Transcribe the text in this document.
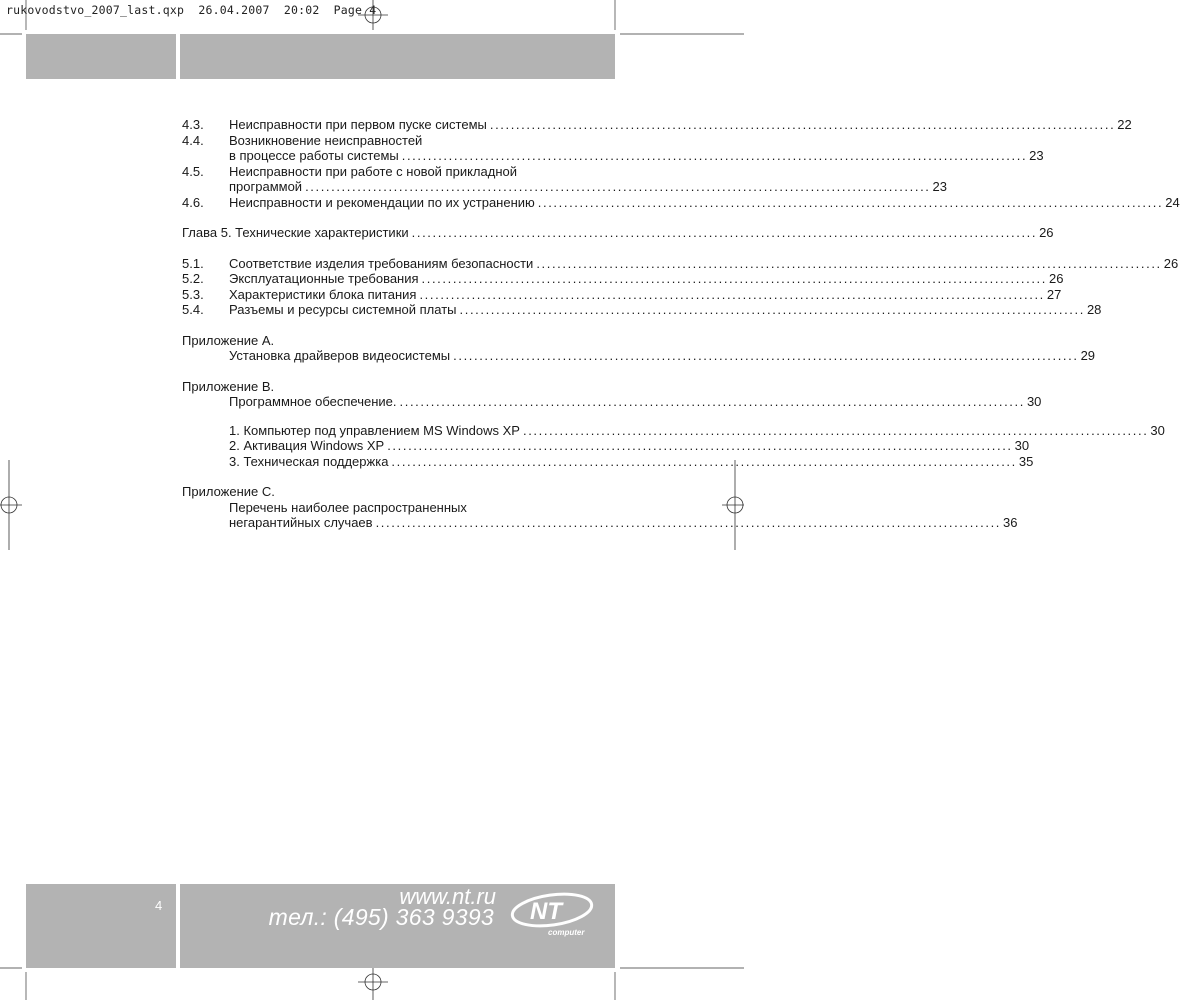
rukovodstvo_2007_last.qxp  26.04.2007  20:02  Page 4
4.3.	Неисправности при первом пуске системы ........................................................................................................................ 22
4.4.	Возникновение неисправностей
в процессе работы системы ........................................................................................................................ 23
4.5.	Неисправности при работе с новой прикладной
программой ........................................................................................................................ 23
4.6.	Неисправности и рекомендации по их устранению ........................................................................................................................ 24
Глава 5. Технические характеристики ........................................................................................................................ 26
5.1.	Соответствие изделия требованиям безопасности ........................................................................................................................ 26
5.2.	Эксплуатационные требования ........................................................................................................................ 26
5.3.	Характеристики блока питания ........................................................................................................................ 27
5.4.	Разъемы и ресурсы системной платы ........................................................................................................................ 28
Приложение А.
Установка драйверов видеосистемы ........................................................................................................................ 29
Приложение В.
Программное обеспечение. ........................................................................................................................ 30
1. Компьютер под управлением MS Windows XP ........................................................................................................................ 30
2. Активация Windows XP ........................................................................................................................ 30
3. Техническая поддержка ........................................................................................................................ 35
Приложение С.
Перечень наиболее распространенных
негарантийных случаев ........................................................................................................................ 36
4	www.nt.ru
тел.: (495) 363 9393 NT
computer
